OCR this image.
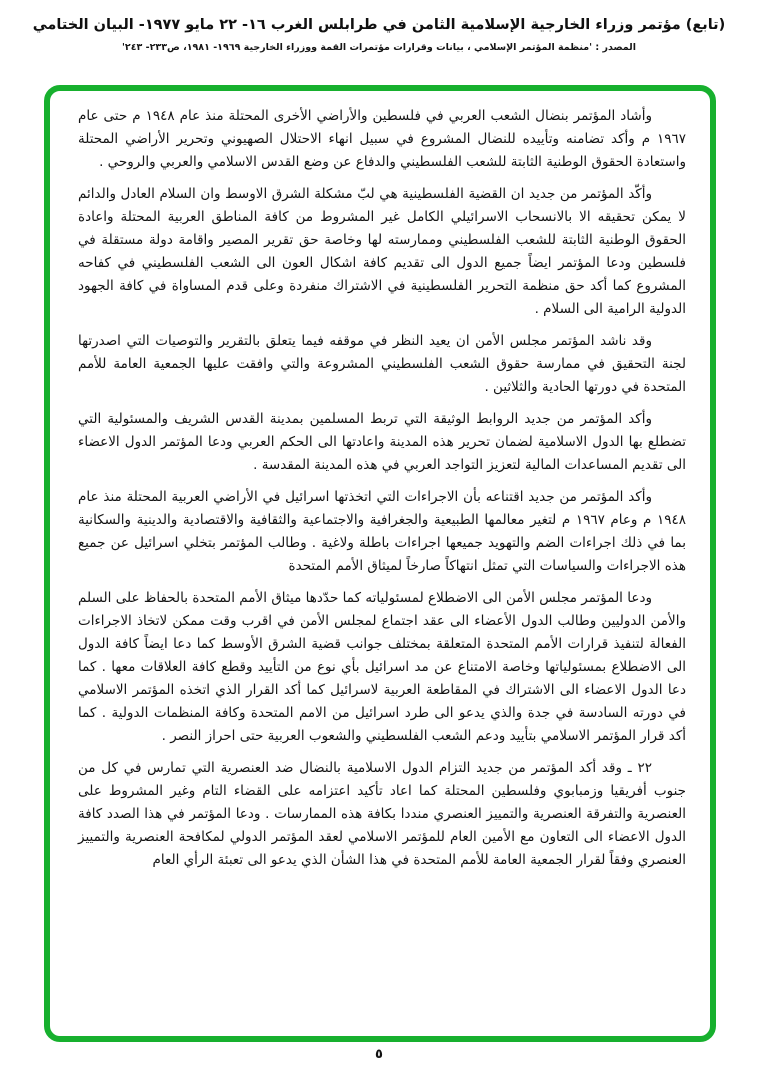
(تابع) مؤتمر وزراء الخارجية الإسلامية الثامن في طرابلس الغرب ١٦- ٢٢ مايو ١٩٧٧- البيان الختامي
المصدر : 'منظمة المؤتمر الإسلامي ، بيانات وقرارات مؤتمرات القمة ووزراء الخارجية ١٩٦٩- ١٩٨١، ص٢٣٣- ٢٤٣'

وأشاد المؤتمر بنضال الشعب العربي في فلسطين والأراضي الأخرى المحتلة منذ عام ١٩٤٨ م حتى عام ١٩٦٧ م وأكد تضامنه وتأييده للنضال المشروع في سبيل انهاء الاحتلال الصهيوني وتحرير الأراضي المحتلة واستعادة الحقوق الوطنية الثابتة للشعب الفلسطيني والدفاع عن وضع القدس الاسلامي والعربي والروحي .

وأكّد المؤتمر من جديد ان القضية الفلسطينية هي لبّ مشكلة الشرق الاوسط وان السلام العادل والدائم لا يمكن تحقيقه الا بالانسحاب الاسرائيلي الكامل غير المشروط من كافة المناطق العربية المحتلة واعادة الحقوق الوطنية الثابتة للشعب الفلسطيني وممارسته لها وخاصة حق تقرير المصير واقامة دولة مستقلة في فلسطين ودعا المؤتمر ايضاً جميع الدول الى تقديم كافة اشكال العون الى الشعب الفلسطيني في كفاحه المشروع كما أكد حق منظمة التحرير الفلسطينية في الاشتراك منفردة وعلى قدم المساواة في كافة الجهود الدولية الرامية الى السلام .

وقد ناشد المؤتمر مجلس الأمن ان يعيد النظر في موقفه فيما يتعلق بالتقرير والتوصيات التي اصدرتها لجنة التحقيق في ممارسة حقوق الشعب الفلسطيني المشروعة والتي وافقت عليها الجمعية العامة للأمم المتحدة في دورتها الحادية والثلاثين .

وأكد المؤتمر من جديد الروابط الوثيقة التي تربط المسلمين بمدينة القدس الشريف والمسئولية التي تضطلع بها الدول الاسلامية لضمان تحرير هذه المدينة واعادتها الى الحكم العربي ودعا المؤتمر الدول الاعضاء الى تقديم المساعدات المالية لتعزيز التواجد العربي في هذه المدينة المقدسة .

وأكد المؤتمر من جديد اقتناعه بأن الاجراءات التي اتخذتها اسرائيل في الأراضي العربية المحتلة منذ عام ١٩٤٨ م وعام ١٩٦٧ م لتغير معالمها الطبيعية والجغرافية والاجتماعية والثقافية والاقتصادية والدينية والسكانية بما في ذلك اجراءات الضم والتهويد جميعها اجراءات باطلة ولاغية . وطالب المؤتمر بتخلي اسرائيل عن جميع هذه الاجراءات والسياسات التي تمثل انتهاكاً صارخاً لميثاق الأمم المتحدة

ودعا المؤتمر مجلس الأمن الى الاضطلاع لمسئولياته كما حدّدها ميثاق الأمم المتحدة بالحفاظ على السلم والأمن الدوليين وطالب الدول الأعضاء الى عقد اجتماع لمجلس الأمن في اقرب وقت ممكن لاتخاذ الاجراءات الفعالة لتنفيذ قرارات الأمم المتحدة المتعلقة بمختلف جوانب قضية الشرق الأوسط كما دعا ايضاً كافة الدول الى الاضطلاع بمسئولياتها وخاصة الامتناع عن مد اسرائيل بأي نوع من التأييد وقطع كافة العلاقات معها . كما دعا الدول الاعضاء الى الاشتراك في المقاطعة العربية لاسرائيل كما أكد القرار الذي اتخذه المؤتمر الاسلامي في دورته السادسة في جدة والذي يدعو الى طرد اسرائيل من الامم المتحدة وكافة المنظمات الدولية . كما أكد قرار المؤتمر الاسلامي بتأييد ودعم الشعب الفلسطيني والشعوب العربية حتى احراز النصر .

٢٢ ـ وقد أكد المؤتمر من جديد التزام الدول الاسلامية بالنضال ضد العنصرية التي تمارس في كل من جنوب أفريقيا وزمبابوي وفلسطين المحتلة كما اعاد تأكيد اعتزامه على القضاء التام وغير المشروط على العنصرية والتفرقة العنصرية والتمييز العنصري منددا بكافة هذه الممارسات . ودعا المؤتمر في هذا الصدد كافة الدول الاعضاء الى التعاون مع الأمين العام للمؤتمر الاسلامي لعقد المؤتمر الدولي لمكافحة العنصرية والتمييز العنصري وفقاً لقرار الجمعية العامة للأمم المتحدة في هذا الشأن الذي يدعو الى تعبئة الرأي العام

٥
